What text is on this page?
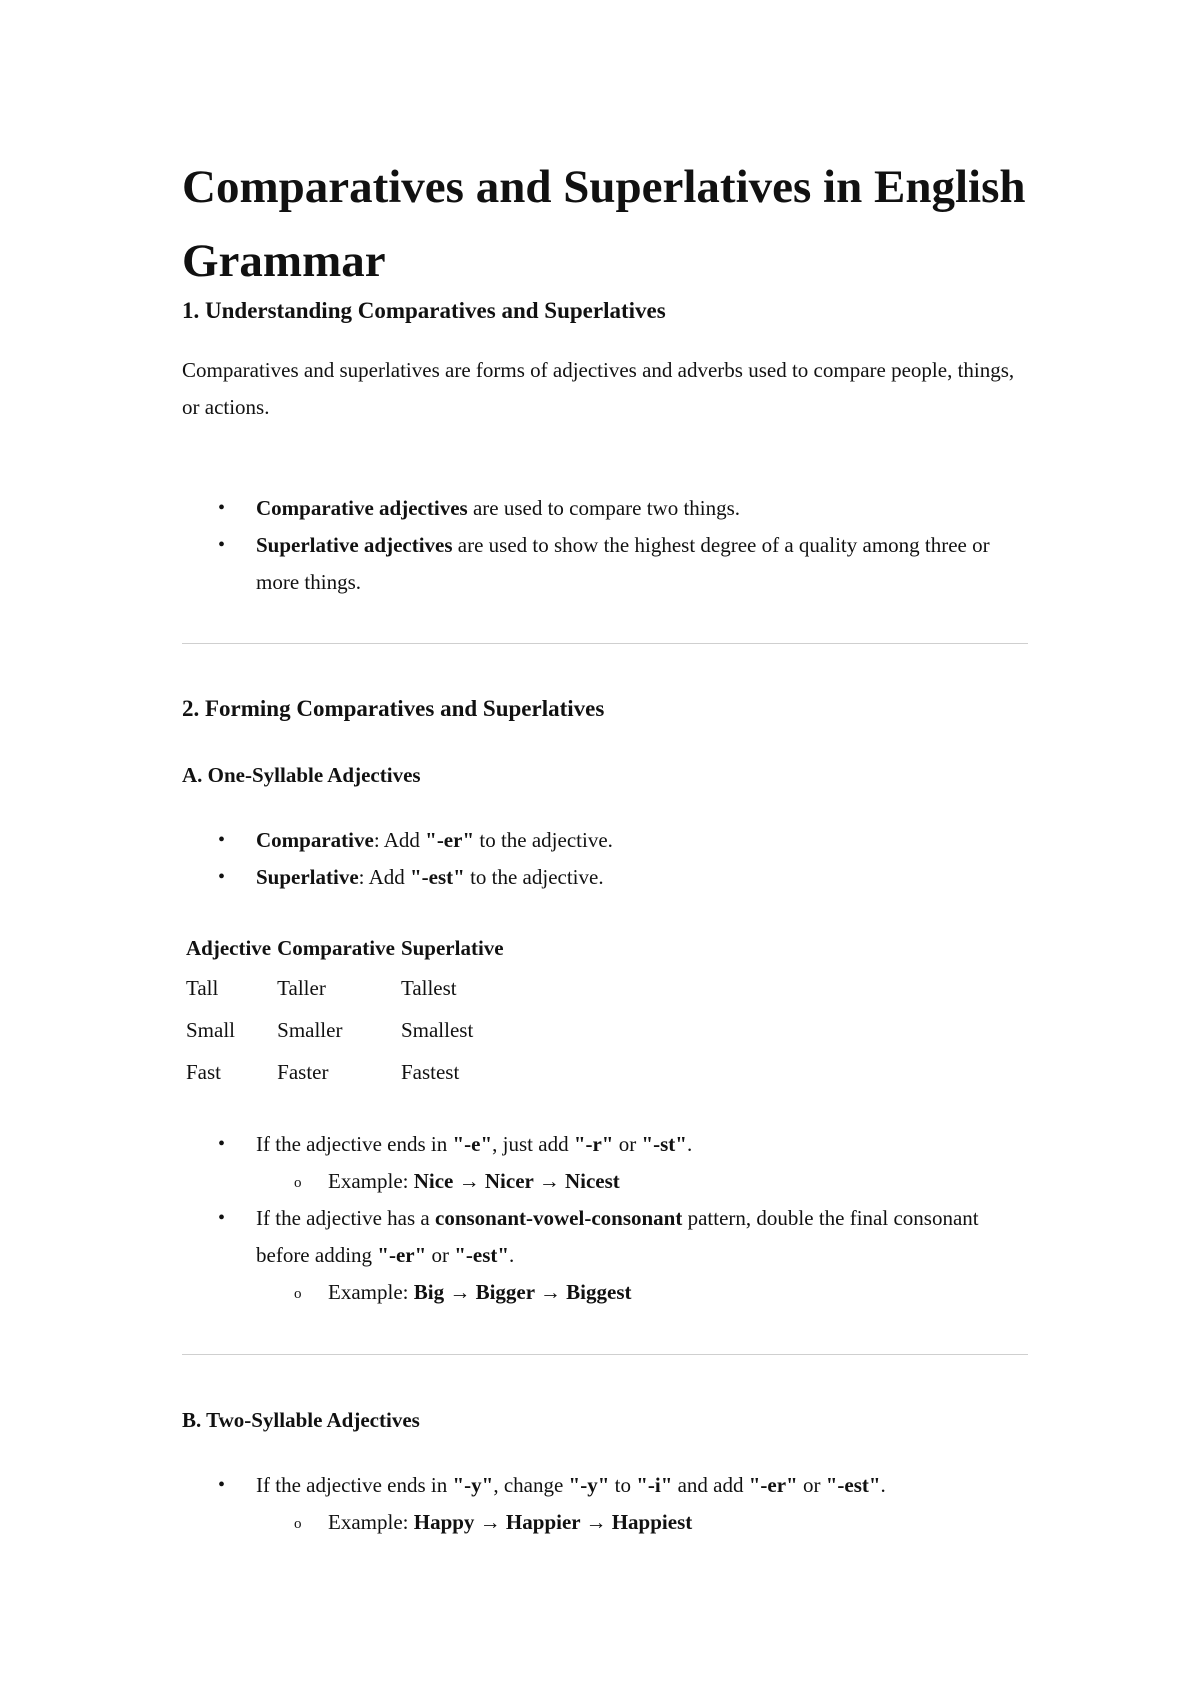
Comparatives and Superlatives in English Grammar
1. Understanding Comparatives and Superlatives

Comparatives and superlatives are forms of adjectives and adverbs used to compare people, things, or actions.

• Comparative adjectives are used to compare two things.
• Superlative adjectives are used to show the highest degree of a quality among three or more things.
2. Forming Comparatives and Superlatives
A. One-Syllable Adjectives
• Comparative: Add "-er" to the adjective.
• Superlative: Add "-est" to the adjective.
Adjective	Comparative	Superlative
Tall	Taller	Tallest
Small	Smaller	Smallest
Fast	Faster	Fastest
• If the adjective ends in "-e", just add "-r" or "-st".
o Example: Nice → Nicer → Nicest
• If the adjective has a consonant-vowel-consonant pattern, double the final consonant before adding "-er" or "-est".
o Example: Big → Bigger → Biggest
B. Two-Syllable Adjectives
• If the adjective ends in "-y", change "-y" to "-i" and add "-er" or "-est".
o Example: Happy → Happier → Happiest
